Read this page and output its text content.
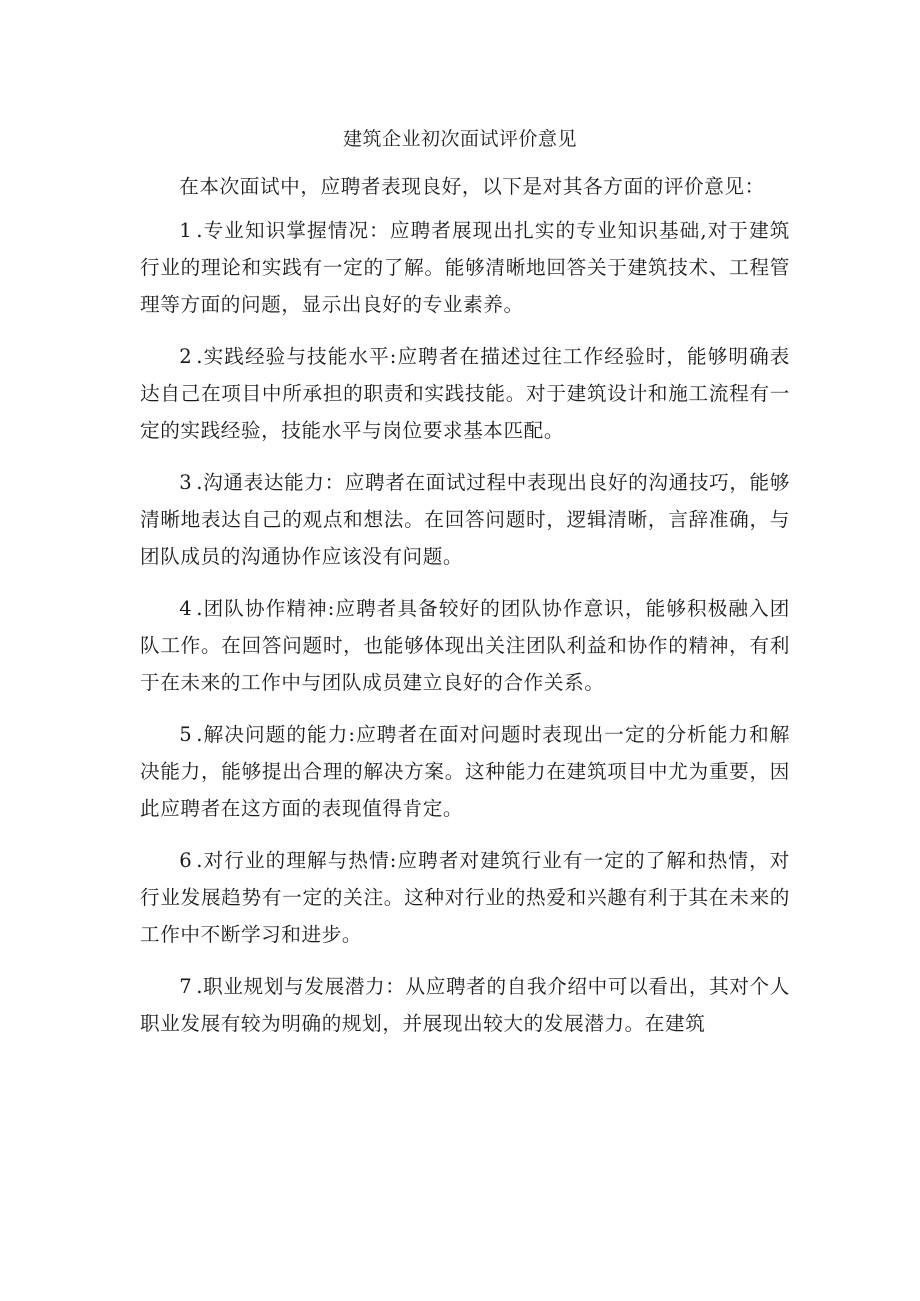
建筑企业初次面试评价意见

在本次面试中，应聘者表现良好，以下是对其各方面的评价意见：

1 .专业知识掌握情况：应聘者展现出扎实的专业知识基础,对于建筑行业的理论和实践有一定的了解。能够清晰地回答关于建筑技术、工程管理等方面的问题，显示出良好的专业素养。

2 .实践经验与技能水平:应聘者在描述过往工作经验时，能够明确表达自己在项目中所承担的职责和实践技能。对于建筑设计和施工流程有一定的实践经验，技能水平与岗位要求基本匹配。

3 .沟通表达能力：应聘者在面试过程中表现出良好的沟通技巧，能够清晰地表达自己的观点和想法。在回答问题时，逻辑清晰，言辞准确，与团队成员的沟通协作应该没有问题。

4 .团队协作精神:应聘者具备较好的团队协作意识，能够积极融入团队工作。在回答问题时，也能够体现出关注团队利益和协作的精神，有利于在未来的工作中与团队成员建立良好的合作关系。

5 .解决问题的能力:应聘者在面对问题时表现出一定的分析能力和解决能力，能够提出合理的解决方案。这种能力在建筑项目中尤为重要，因此应聘者在这方面的表现值得肯定。

6 .对行业的理解与热情:应聘者对建筑行业有一定的了解和热情，对行业发展趋势有一定的关注。这种对行业的热爱和兴趣有利于其在未来的工作中不断学习和进步。

7 .职业规划与发展潜力：从应聘者的自我介绍中可以看出，其对个人职业发展有较为明确的规划，并展现出较大的发展潜力。在建筑
